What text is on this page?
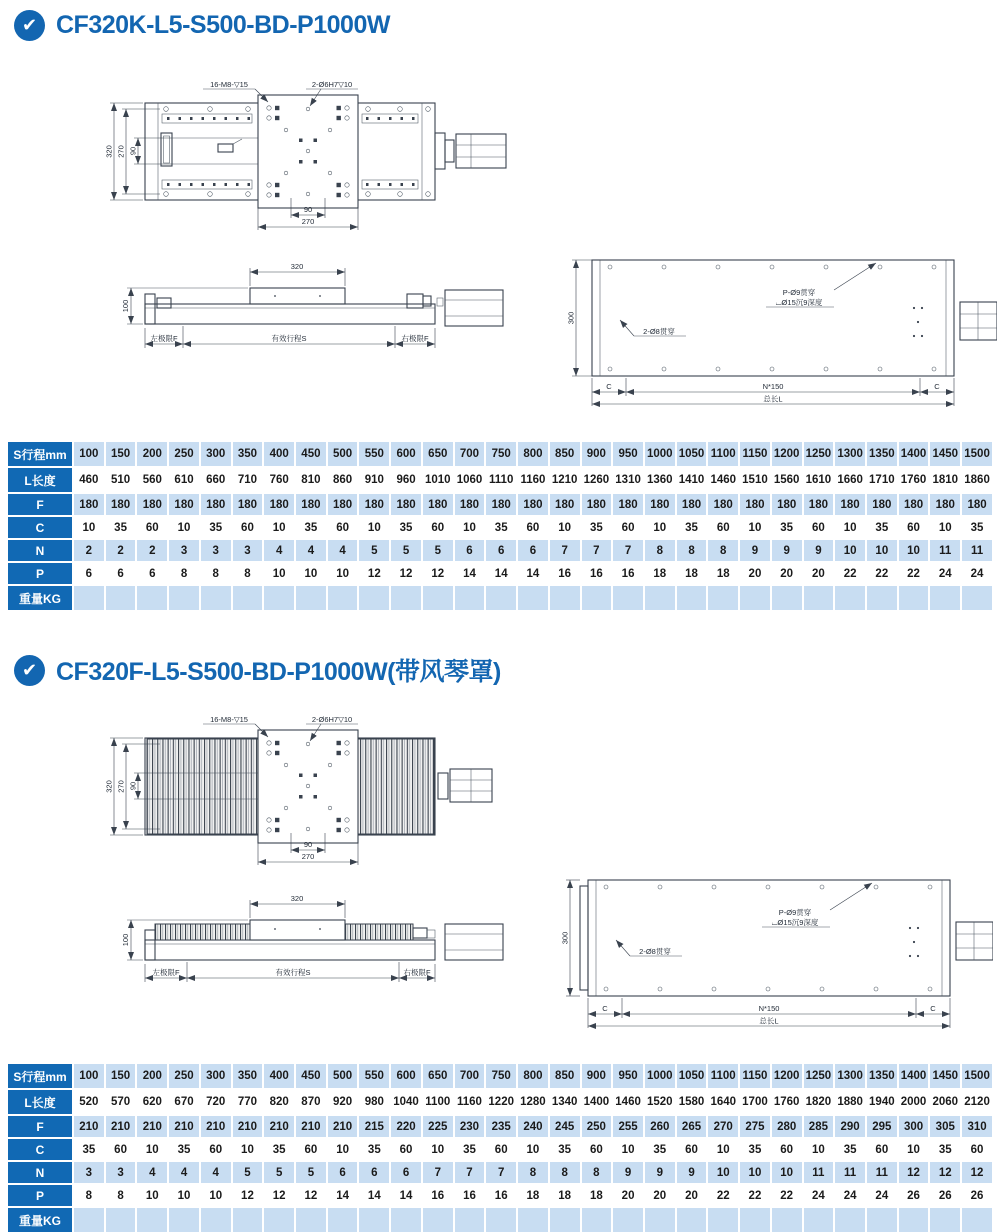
✔ CF320K-L5-S500-BD-P1000W
320 270 90
90
270
16-M8-▽15	2-Ø6H7▽10
320
100
左极限F	有效行程S	右极限F
300
2-Ø8贯穿
P-Ø9贯穿
⌴Ø15沉9深度
C	N*150	C
总长L
S行程mm	100	150	200	250	300	350	400	450	500	550	600	650	700	750	800	850	900	950	1000	1050	1100	1150	1200	1250	1300	1350	1400	1450	1500
L长度	460	510	560	610	660	710	760	810	860	910	960	1010	1060	1110	1160	1210	1260	1310	1360	1410	1460	1510	1560	1610	1660	1710	1760	1810	1860
F	180	180	180	180	180	180	180	180	180	180	180	180	180	180	180	180	180	180	180	180	180	180	180	180	180	180	180	180	180
C	10	35	60	10	35	60	10	35	60	10	35	60	10	35	60	10	35	60	10	35	60	10	35	60	10	35	60	10	35
N	2	2	2	3	3	3	4	4	4	5	5	5	6	6	6	7	7	7	8	8	8	9	9	9	10	10	10	11	11
P	6	6	6	8	8	8	10	10	10	12	12	12	14	14	14	16	16	16	18	18	18	20	20	20	22	22	22	24	24
重量KG																													
✔ CF320F-L5-S500-BD-P1000W(带风琴罩)
320 270 90
90
270
16-M8-▽15	2-Ø6H7▽10
320
100
左极限F	有效行程S	右极限F
300
2-Ø8贯穿
P-Ø9贯穿
⌴Ø15沉9深度
C	N*150	C
总长L
S行程mm	100	150	200	250	300	350	400	450	500	550	600	650	700	750	800	850	900	950	1000	1050	1100	1150	1200	1250	1300	1350	1400	1450	1500
L长度	520	570	620	670	720	770	820	870	920	980	1040	1100	1160	1220	1280	1340	1400	1460	1520	1580	1640	1700	1760	1820	1880	1940	2000	2060	2120
F	210	210	210	210	210	210	210	210	210	215	220	225	230	235	240	245	250	255	260	265	270	275	280	285	290	295	300	305	310
C	35	60	10	35	60	10	35	60	10	35	60	10	35	60	10	35	60	10	35	60	10	35	60	10	35	60	10	35	60
N	3	3	4	4	4	5	5	5	6	6	6	7	7	7	8	8	8	9	9	9	10	10	10	11	11	11	12	12	12
P	8	8	10	10	10	12	12	12	14	14	14	16	16	16	18	18	18	20	20	20	22	22	22	24	24	24	26	26	26
重量KG																													
